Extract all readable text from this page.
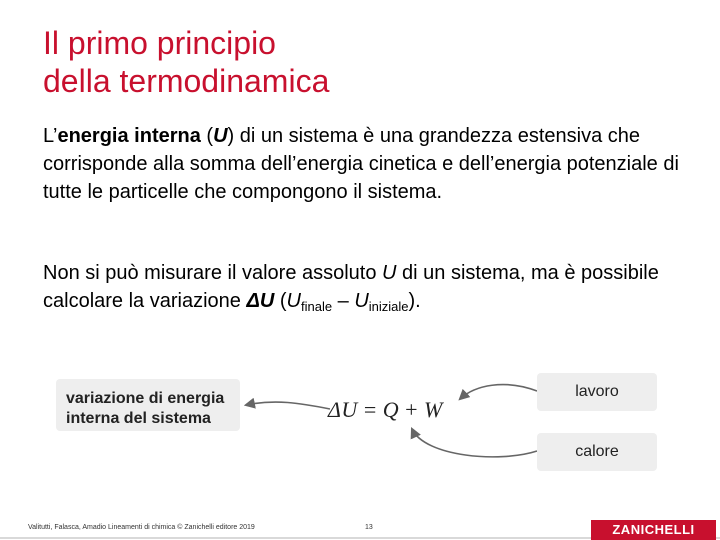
Il primo principio
della termodinamica
L’energia interna (U) di un sistema è una grandezza estensiva che corrisponde alla somma dell’energia cinetica e dell’energia potenziale di tutte le particelle che compongono il sistema.
Non si può misurare il valore assoluto U di un sistema, ma è possibile calcolare la variazione ΔU $(U_{finale} - U_{iniziale})$.
variazione di energia interna del sistema	ΔU = Q + W
lavoro
calore
Valitutti, Falasca, Amadio Lineamenti di chimica © Zanichelli editore 2019	13	ZANICHELLI
